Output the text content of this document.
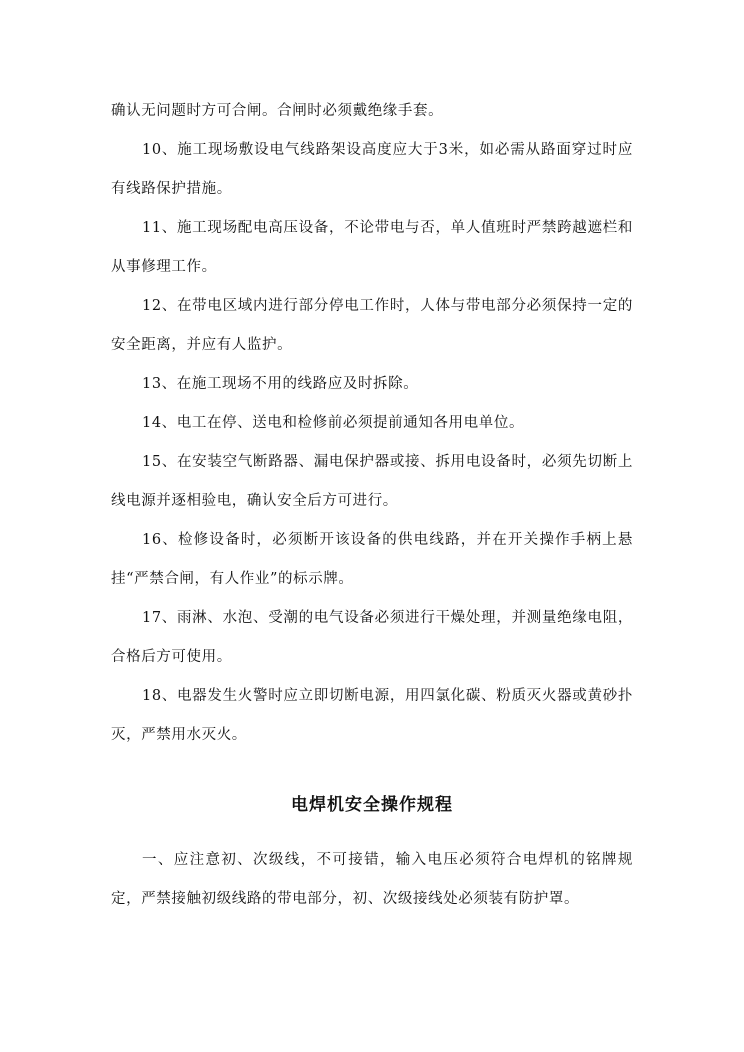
确认无问题时方可合闸。合闸时必须戴绝缘手套。

10、施工现场敷设电气线路架设高度应大于3米，如必需从路面穿过时应有线路保护措施。

11、施工现场配电高压设备，不论带电与否，单人值班时严禁跨越遮栏和从事修理工作。

12、在带电区域内进行部分停电工作时，人体与带电部分必须保持一定的安全距离，并应有人监护。

13、在施工现场不用的线路应及时拆除。

14、电工在停、送电和检修前必须提前通知各用电单位。

15、在安装空气断路器、漏电保护器或接、拆用电设备时，必须先切断上线电源并逐相验电，确认安全后方可进行。

16、检修设备时，必须断开该设备的供电线路，并在开关操作手柄上悬挂“严禁合闸，有人作业”的标示牌。

17、雨淋、水泡、受潮的电气设备必须进行干燥处理，并测量绝缘电阻，合格后方可使用。

18、电器发生火警时应立即切断电源，用四氯化碳、粉质灭火器或黄砂扑灭，严禁用水灭火。

电焊机安全操作规程

一、应注意初、次级线，不可接错，输入电压必须符合电焊机的铭牌规定，严禁接触初级线路的带电部分，初、次级接线处必须装有防护罩。
